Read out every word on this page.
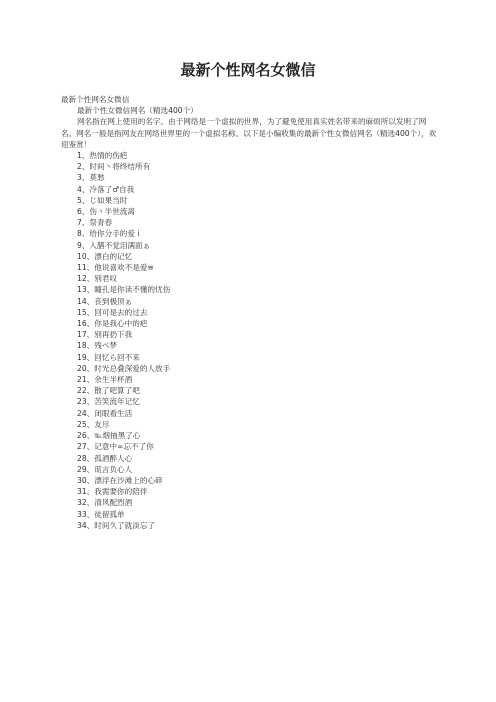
最新个性网名女微信
最新个性网名女微信
最新个性女微信网名（精选400个）
网名指在网上使用的名字。由于网络是一个虚拟的世界，为了避免使用真实姓名带来的麻烦所以发明了网名。网名一般是指网友在网络世界里的一个虚拟名称。以下是小编收集的最新个性女微信网名（精选400个），欢迎鉴赏！
1、热情的伤疤
2、时间丶将终结所有
3、莫愁
4、冷落了♂自我
5、じ如果当时
6、伤丶半世流离
7、祭青春
8、给你分手的爱 i
9、入膳不觉泪满面ぁ
10、漂白的记忆
11、他说喜欢不是爱≡
12、别君叹
13、瞳孔是你读不懂的忧伤
14、丧到极顶ぁ
15、回可是去的过去
16、你是我心中的疤
17、别再扔下我
18、残べ梦
19、回忆ら回不来
20、时光总叠深爱的人放手
21、余生半杯酒
22、散了吧算了吧
23、苦笑流年记忆
24、闭眼看生活
25、友尽
26、℡烟抽黑了心
27、记意中∞忘不了你
28、孤酒醉人心
29、谎言负心人
30、漂浮在沙滩上的心碎
31、我需要你的陪伴
32、清风配烈酒
33、徒留孤单
34、时间久了就淡忘了
